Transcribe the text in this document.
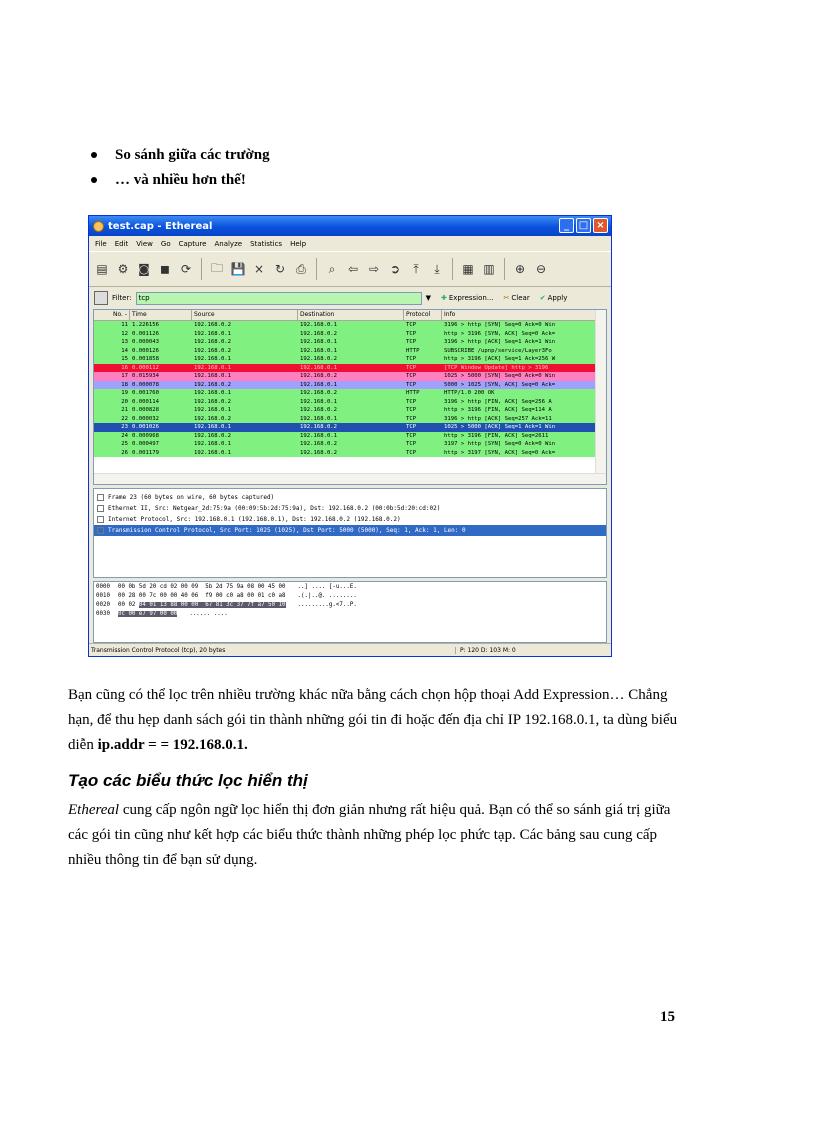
So sánh giữa các trường
… và nhiều hơn thế!
test.cap - Ethereal	_ □ ×
File Edit View Go Capture Analyze Statistics Help
▤ ⚙ ◙ ◼ ⟳	🗀 💾 × ↻ ⎙	⌕	⇦ ⇨ ➲	⤒	⤓	▦ ▥	⊕ ⊖
Filter:	tcp	▼ ✚ Expression... ✂ Clear ✔ Apply
No. - Time	Source	Destination	Protocol	Info
11 1.226156	192.168.0.2	192.168.0.1	TCP	3196 > http [SYN] Seq=0 Ack=0 Win
12 0.001126	192.168.0.1	192.168.0.2	TCP	http > 3196 [SYN, ACK] Seq=0 Ack=
13 0.000043	192.168.0.2	192.168.0.1	TCP	3196 > http [ACK] Seq=1 Ack=1 Win
14 0.000126	192.168.0.2	192.168.0.1	HTTP	SUBSCRIBE /upnp/service/Layer3Fo
15 0.001858	192.168.0.1	192.168.0.2	TCP	http > 3196 [ACK] Seq=1 Ack=256 W
16 0.000112	192.168.0.1	192.168.0.1	TCP	[TCP Window Update] http > 3196
17 0.015934	192.168.0.1	192.168.0.2	TCP	1025 > 5000 [SYN] Seq=0 Ack=0 Win
18 0.000078	192.168.0.2	192.168.0.1	TCP	5000 > 1025 [SYN, ACK] Seq=0 Ack=
19 0.001760	192.168.0.1	192.168.0.2	HTTP	HTTP/1.0 200 OK
20 0.000114	192.168.0.2	192.168.0.1	TCP	3196 > http [FIN, ACK] Seq=256 A
21 0.000828	192.168.0.1	192.168.0.2	TCP	http > 3196 [FIN, ACK] Seq=114 A
22 0.000032	192.168.0.2	192.168.0.1	TCP	3196 > http [ACK] Seq=257 Ack=11
23 0.001026	192.168.0.1	192.168.0.2	TCP	1025 > 5000 [ACK] Seq=1 Ack=1 Win
24 0.000968	192.168.0.2	192.168.0.1	TCP	http > 3196 [FIN, ACK] Seq=2611
25 0.000497	192.168.0.1	192.168.0.2	TCP	3197 > http [SYN] Seq=0 Ack=0 Win
26 0.001179	192.168.0.1	192.168.0.2	TCP	http > 3197 [SYN, ACK] Seq=0 Ack=
Frame 23 (60 bytes on wire, 60 bytes captured)
Ethernet II, Src: Netgear_2d:75:9a (00:09:5b:2d:75:9a), Dst: 192.168.0.2 (00:0b:5d:20:cd:02)
Internet Protocol, Src: 192.168.0.1 (192.168.0.1), Dst: 192.168.0.2 (192.168.0.2)
Transmission Control Protocol, Src Port: 1025 (1025), Dst Port: 5000 (5000), Seq: 1, Ack: 1, Len: 0
0000 00 0b 5d 20 cd 02 00 09  5b 2d 75 9a 08 00 45 00 ..] .... [-u...E.
0010 00 28 00 7c 00 00 40 06  f9 00 c0 a8 00 01 c0 a8 .(.|..@. ........
0020 00 02 04 01 13 88 00 00  67 81 3c 37 7f a7 50 10 .........g.<7..P.
0030 0c 00 e7 97 00 00 ...... ....
Transmission Control Protocol (tcp), 20 bytes	P: 120 D: 103 M: 0

Bạn cũng có thể lọc trên nhiều trường khác nữa bằng cách chọn hộp thoại Add Expression… Chẳng hạn, để thu hẹp danh sách gói tin thành những gói tin đi hoặc đến địa chỉ IP 192.168.0.1, ta dùng biểu diễn ip.addr = = 192.168.0.1.

Tạo các biểu thức lọc hiển thị

Ethereal cung cấp ngôn ngữ lọc hiển thị đơn giản nhưng rất hiệu quả. Bạn có thể so sánh giá trị giữa các gói tin cũng như kết hợp các biểu thức thành những phép lọc phức tạp. Các bảng sau cung cấp nhiều thông tin để bạn sử dụng.

15
